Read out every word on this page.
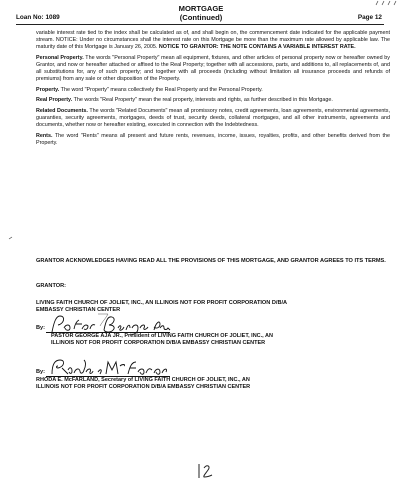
Loan No: 1089
MORTGAGE
(Continued)	Page 12

variable interest rate tied to the index shall be calculated as of, and shall begin on, the commencement date indicated for the applicable payment stream. NOTICE: Under no circumstances shall the interest rate on this Mortgage be more than the maximum rate allowed by applicable law. The maturity date of this Mortgage is January 26, 2005. NOTICE TO GRANTOR: THE NOTE CONTAINS A VARIABLE INTEREST RATE.

Personal Property. The words "Personal Property" mean all equipment, fixtures, and other articles of personal property now or hereafter owned by Grantor, and now or hereafter attached or affixed to the Real Property; together with all accessions, parts, and additions to, all replacements of, and all substitutions for, any of such property; and together with all proceeds (including without limitation all insurance proceeds and refunds of premiums) from any sale or other disposition of the Property.

Property. The word "Property" means collectively the Real Property and the Personal Property.

Real Property. The words "Real Property" mean the real property, interests and rights, as further described in this Mortgage.

Related Documents. The words "Related Documents" mean all promissory notes, credit agreements, loan agreements, environmental agreements, guaranties, security agreements, mortgages, deeds of trust, security deeds, collateral mortgages, and all other instruments, agreements and documents, whether now or hereafter existing, executed in connection with the Indebtedness.

Rents. The word "Rents" means all present and future rents, revenues, income, issues, royalties, profits, and other benefits derived from the Property.

GRANTOR ACKNOWLEDGES HAVING READ ALL THE PROVISIONS OF THIS MORTGAGE, AND GRANTOR AGREES TO ITS TERMS.

GRANTOR:

LIVING FAITH CHURCH OF JOLIET, INC., AN ILLINOIS NOT FOR PROFIT CORPORATION D/B/A EMBASSY CHRISTIAN CENTER

By:

PASTOR GEORGE AJA JR., President of LIVING FAITH CHURCH OF JOLIET, INC., AN ILLINOIS NOT FOR PROFIT CORPORATION D/B/A EMBASSY CHRISTIAN CENTER

By:

RHODA E. McFARLAND, Secretary of LIVING FAITH CHURCH OF JOLIET, INC., AN ILLINOIS NOT FOR PROFIT CORPORATION D/B/A EMBASSY CHRISTIAN CENTER
